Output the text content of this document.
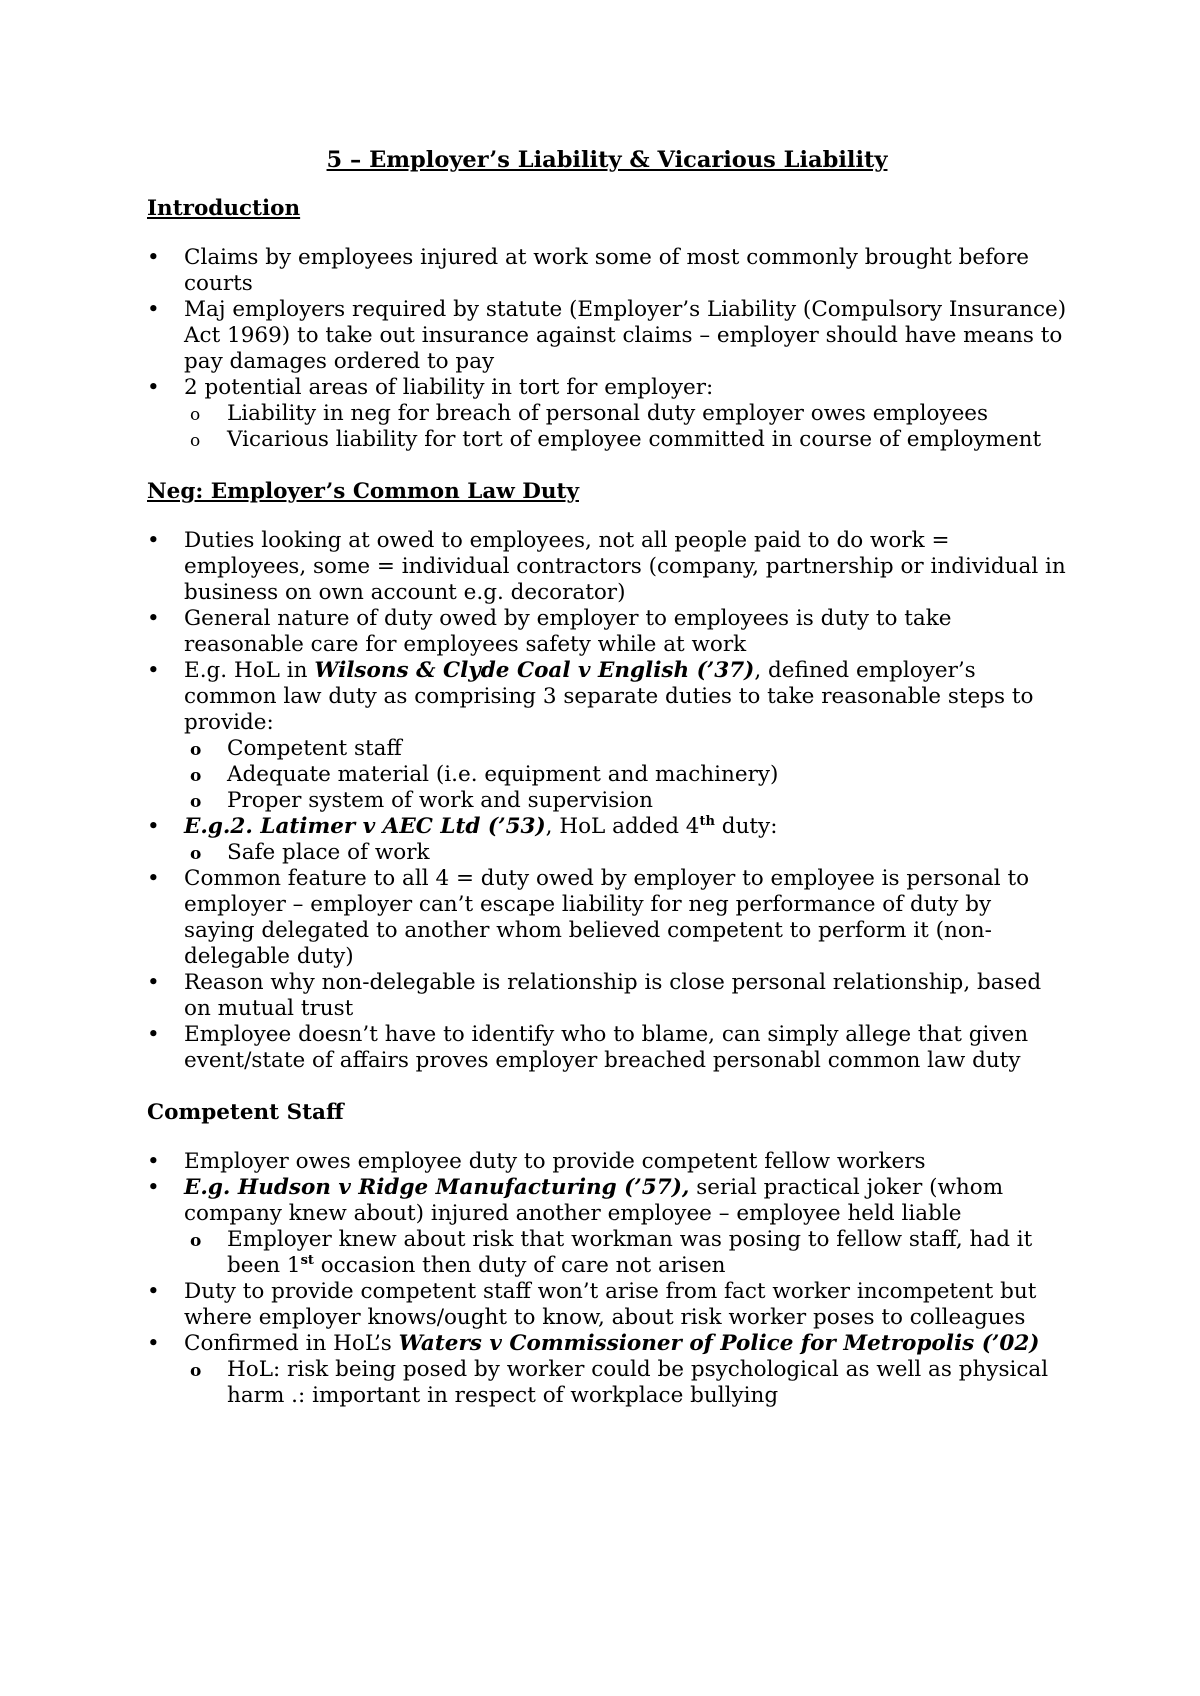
5 – Employer’s Liability & Vicarious Liability
Introduction
• Claims by employees injured at work some of most commonly brought before courts
• Maj employers required by statute (Employer’s Liability (Compulsory Insurance) Act 1969) to take out insurance against claims – employer should have means to pay damages ordered to pay
• 2 potential areas of liability in tort for employer:
o Liability in neg for breach of personal duty employer owes employees
o Vicarious liability for tort of employee committed in course of employment
Neg: Employer’s Common Law Duty
• Duties looking at owed to employees, not all people paid to do work = employees, some = individual contractors (company, partnership or individual in business on own account e.g. decorator)
• General nature of duty owed by employer to employees is duty to take reasonable care for employees safety while at work
• E.g. HoL in Wilsons & Clyde Coal v English (’37), defined employer’s common law duty as comprising 3 separate duties to take reasonable steps to provide:
o Competent staff
o Adequate material (i.e. equipment and machinery)
o Proper system of work and supervision
• E.g.2. Latimer v AEC Ltd (’53), HoL added 4th duty:
o Safe place of work
• Common feature to all 4 = duty owed by employer to employee is personal to employer – employer can’t escape liability for neg performance of duty by saying delegated to another whom believed competent to perform it (non-delegable duty)
• Reason why non-delegable is relationship is close personal relationship, based on mutual trust
• Employee doesn’t have to identify who to blame, can simply allege that given event/state of affairs proves employer breached personabl common law duty
Competent Staff
• Employer owes employee duty to provide competent fellow workers
• E.g. Hudson v Ridge Manufacturing (’57), serial practical joker (whom company knew about) injured another employee – employee held liable
o Employer knew about risk that workman was posing to fellow staff, had it been 1st occasion then duty of care not arisen
• Duty to provide competent staff won’t arise from fact worker incompetent but where employer knows/ought to know, about risk worker poses to colleagues
• Confirmed in HoL’s Waters v Commissioner of Police for Metropolis (’02)
o HoL: risk being posed by worker could be psychological as well as physical harm .: important in respect of workplace bullying
